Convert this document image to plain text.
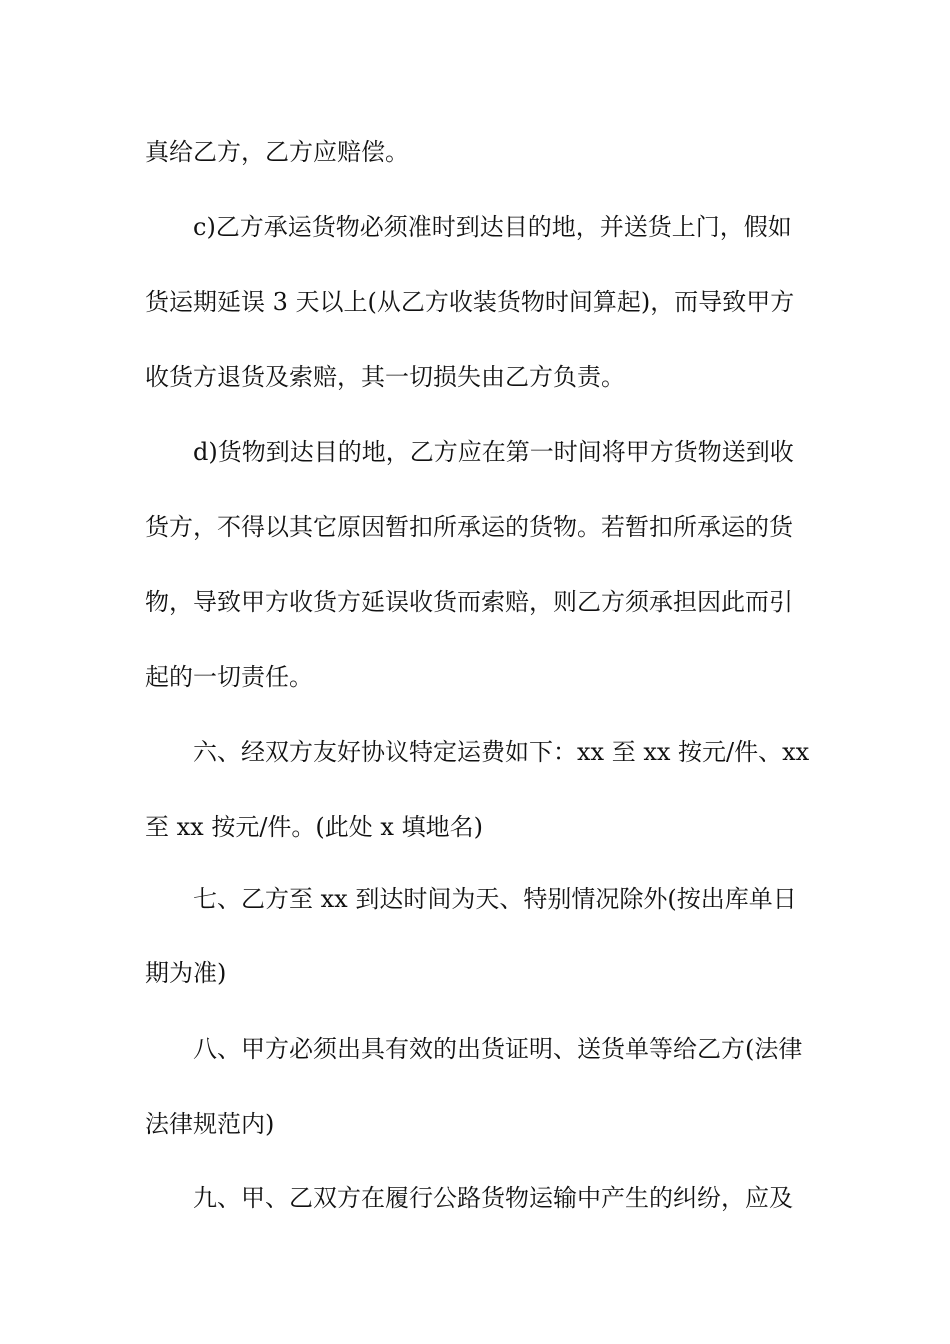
真给乙方，乙方应赔偿。
c)乙方承运货物必须准时到达目的地，并送货上门，假如
货运期延误 3 天以上(从乙方收装货物时间算起)，而导致甲方
收货方退货及索赔，其一切损失由乙方负责。
d)货物到达目的地，乙方应在第一时间将甲方货物送到收
货方，不得以其它原因暂扣所承运的货物。若暂扣所承运的货
物，导致甲方收货方延误收货而索赔，则乙方须承担因此而引
起的一切责任。
六、经双方友好协议特定运费如下：xx 至 xx 按元/件、xx
至 xx 按元/件。(此处 x 填地名)
七、乙方至 xx 到达时间为天、特别情况除外(按出库单日
期为准)
八、甲方必须出具有效的出货证明、送货单等给乙方(法律
法律规范内)
九、甲、乙双方在履行公路货物运输中产生的纠纷，应及
